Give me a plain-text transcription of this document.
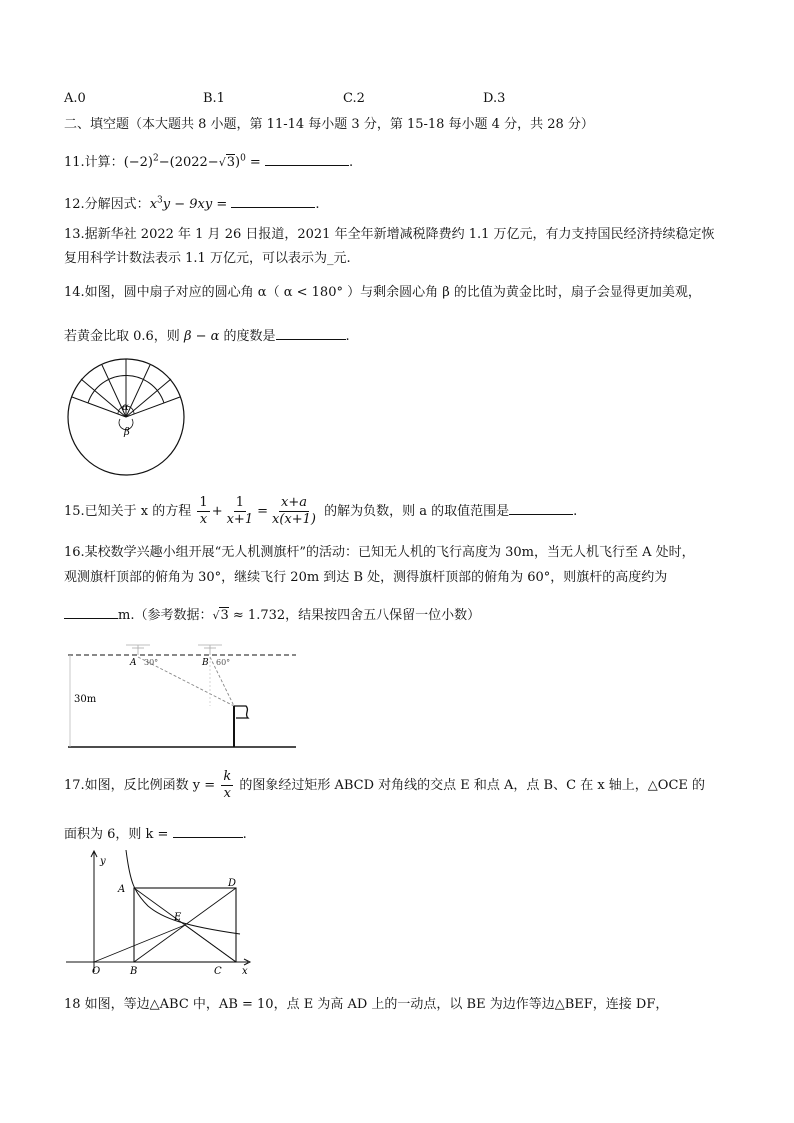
A.0	B.1	C.2	D.3
二、填空题（本大题共 8 小题，第 11-14 每小题 3 分，第 15-18 每小题 4 分，共 28 分）
11.计算：$(-2)^2-(2022-√3)^0$ =	.
12.分解因式：$x^3y - 9xy$ =	.
13.据新华社 2022 年 1 月 26 日报道，2021 年全年新增减税降费约 1.1 万亿元，有力支持国民经济持续稳定恢
复用科学计数法表示 1.1 万亿元，可以表示为_元.
14.如图，圆中扇子对应的圆心角 α（ α < 180° ）与剩余圆心角 β 的比值为黄金比时，扇子会显得更加美观，
若黄金比取 0.6，则 β − α 的度数是	.
α
β
15.已知关于 x 的方程 $\frac{1}{x} + \frac{1}{x+1} = \frac{x+a}{x(x+1)}$ 的解为负数，则 a 的取值范围是	.
16.某校数学兴趣小组开展“无人机测旗杆”的活动：已知无人机的飞行高度为 30m，当无人机飞行至 A 处时，
观测旗杆顶部的俯角为 30°，继续飞行 20m 到达 B 处，测得旗杆顶部的俯角为 60°，则旗杆的高度约为
m.（参考数据：√3 ≈ 1.732，结果按四舍五八保留一位小数）
A 30°	B 60°
30m
17.如图，反比例函数 $y = \frac{k}{x}$ 的图象经过矩形 ABCD 对角线的交点 E 和点 A，点 B、C 在 x 轴上，△OCE 的
面积为 6，则 k =	.
y
x
O
A
B	C
D
E
18 如图，等边△ABC 中，AB = 10，点 E 为高 AD 上的一动点，以 BE 为边作等边△BEF，连接 DF，
